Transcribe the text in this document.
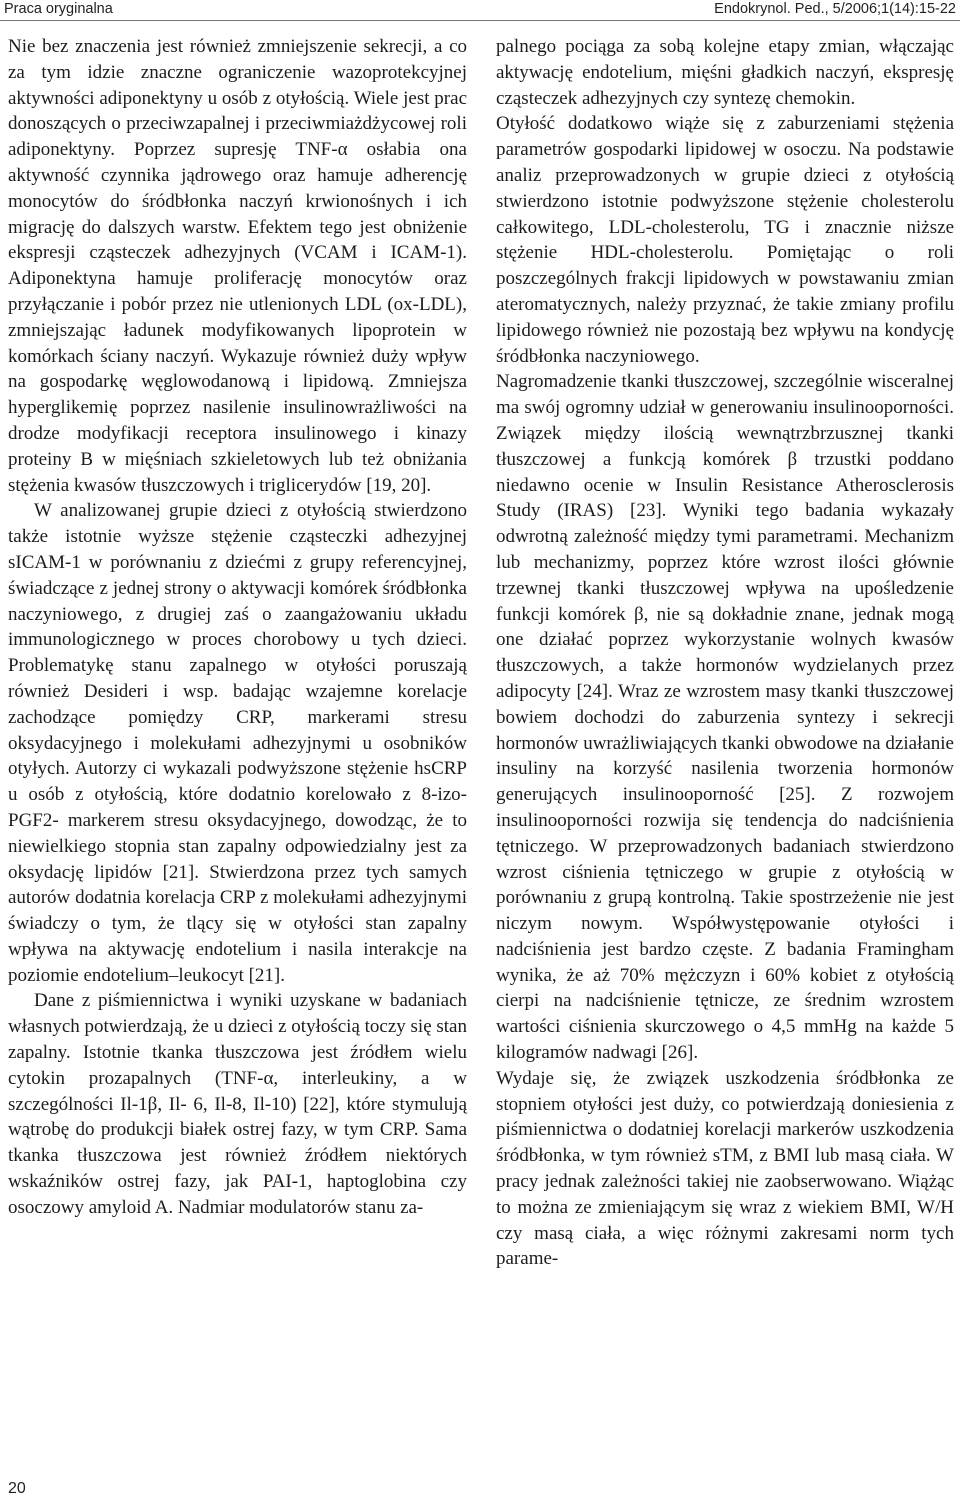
Praca oryginalna	Endokrynol. Ped., 5/2006;1(14):15-22

Nie bez znaczenia jest również zmniejszenie sekrecji, a co za tym idzie znaczne ograniczenie wazoprotekcyjnej aktywności adiponektyny u osób z otyłością. Wiele jest prac donoszących o przeciwzapalnej i przeciwmiażdżycowej roli adiponektyny. Poprzez supresję TNF-α osłabia ona aktywność czynnika jądrowego oraz hamuje adherencję monocytów do śródbłonka naczyń krwionośnych i ich migrację do dalszych warstw. Efektem tego jest obniżenie ekspresji cząsteczek adhezyjnych (VCAM i ICAM-1). Adiponektyna hamuje proliferację monocytów oraz przyłączanie i pobór przez nie utlenionych LDL (ox-LDL), zmniejszając ładunek modyfikowanych lipoprotein w komórkach ściany naczyń. Wykazuje również duży wpływ na gospodarkę węglowodanową i lipidową. Zmniejsza hyperglikemię poprzez nasilenie insulinowrażliwości na drodze modyfikacji receptora insulinowego i kinazy proteiny B w mięśniach szkieletowych lub też obniżania stężenia kwasów tłuszczowych i triglicerydów [19, 20].

W analizowanej grupie dzieci z otyłością stwierdzono także istotnie wyższe stężenie cząsteczki adhezyjnej sICAM-1 w porównaniu z dziećmi z grupy referencyjnej, świadczące z jednej strony o aktywacji komórek śródbłonka naczyniowego, z drugiej zaś o zaangażowaniu układu immunologicznego w proces chorobowy u tych dzieci. Problematykę stanu zapalnego w otyłości poruszają również Desideri i wsp. badając wzajemne korelacje zachodzące pomiędzy CRP, markerami stresu oksydacyjnego i molekułami adhezyjnymi u osobników otyłych. Autorzy ci wykazali podwyższone stężenie hsCRP u osób z otyłością, które dodatnio korelowało z 8-izo-PGF2- markerem stresu oksydacyjnego, dowodząc, że to niewielkiego stopnia stan zapalny odpowiedzialny jest za oksydację lipidów [21]. Stwierdzona przez tych samych autorów dodatnia korelacja CRP z molekułami adhezyjnymi świadczy o tym, że tlący się w otyłości stan zapalny wpływa na aktywację endotelium i nasila interakcje na poziomie endotelium–leukocyt [21].

Dane z piśmiennictwa i wyniki uzyskane w badaniach własnych potwierdzają, że u dzieci z otyłością toczy się stan zapalny. Istotnie tkanka tłuszczowa jest źródłem wielu cytokin prozapalnych (TNF-α, interleukiny, a w szczególności Il-1β, Il- 6, Il-8, Il-10) [22], które stymulują wątrobę do produkcji białek ostrej fazy, w tym CRP. Sama tkanka tłuszczowa jest również źródłem niektórych wskaźników ostrej fazy, jak PAI-1, haptoglobina czy osoczowy amyloid A. Nadmiar modulatorów stanu za-

palnego pociąga za sobą kolejne etapy zmian, włączając aktywację endotelium, mięśni gładkich naczyń, ekspresję cząsteczek adhezyjnych czy syntezę chemokin.

Otyłość dodatkowo wiąże się z zaburzeniami stężenia parametrów gospodarki lipidowej w osoczu. Na podstawie analiz przeprowadzonych w grupie dzieci z otyłością stwierdzono istotnie podwyższone stężenie cholesterolu całkowitego, LDL-cholesterolu, TG i znacznie niższe stężenie HDL-cholesterolu. Pomiętając o roli poszczególnych frakcji lipidowych w powstawaniu zmian ateromatycznych, należy przyznać, że takie zmiany profilu lipidowego również nie pozostają bez wpływu na kondycję śródbłonka naczyniowego.

Nagromadzenie tkanki tłuszczowej, szczególnie wisceralnej ma swój ogromny udział w generowaniu insulinooporności. Związek między ilością wewnątrzbrzusznej tkanki tłuszczowej a funkcją komórek β trzustki poddano niedawno ocenie w Insulin Resistance Atherosclerosis Study (IRAS) [23]. Wyniki tego badania wykazały odwrotną zależność między tymi parametrami. Mechanizm lub mechanizmy, poprzez które wzrost ilości głównie trzewnej tkanki tłuszczowej wpływa na upośledzenie funkcji komórek β, nie są dokładnie znane, jednak mogą one działać poprzez wykorzystanie wolnych kwasów tłuszczowych, a także hormonów wydzielanych przez adipocyty [24]. Wraz ze wzrostem masy tkanki tłuszczowej bowiem dochodzi do zaburzenia syntezy i sekrecji hormonów uwrażliwiających tkanki obwodowe na działanie insuliny na korzyść nasilenia tworzenia hormonów generujących insulinooporność [25]. Z rozwojem insulinooporności rozwija się tendencja do nadciśnienia tętniczego. W przeprowadzonych badaniach stwierdzono wzrost ciśnienia tętniczego w grupie z otyłością w porównaniu z grupą kontrolną. Takie spostrzeżenie nie jest niczym nowym. Współwystępowanie otyłości i nadciśnienia jest bardzo częste. Z badania Framingham wynika, że aż 70% mężczyzn i 60% kobiet z otyłością cierpi na nadciśnienie tętnicze, ze średnim wzrostem wartości ciśnienia skurczowego o 4,5 mmHg na każde 5 kilogramów nadwagi [26].

Wydaje się, że związek uszkodzenia śródbłonka ze stopniem otyłości jest duży, co potwierdzają doniesienia z piśmiennictwa o dodatniej korelacji markerów uszkodzenia śródbłonka, w tym również sTM, z BMI lub masą ciała. W pracy jednak zależności takiej nie zaobserwowano. Wiążąc to można ze zmieniającym się wraz z wiekiem BMI, W/H czy masą ciała, a więc różnymi zakresami norm tych parame-

20
